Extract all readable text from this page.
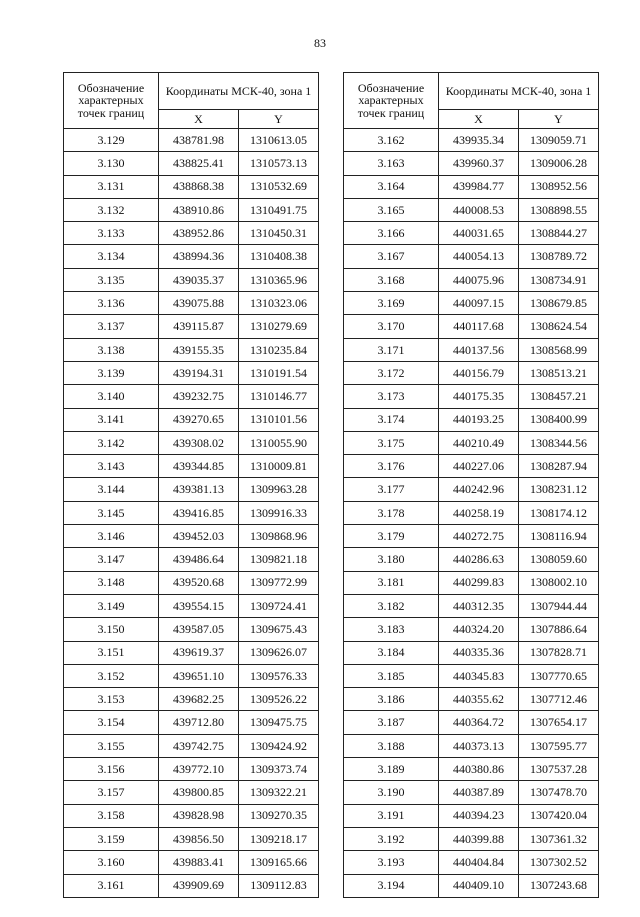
83
Обозначение характерных точек границ	Координаты МСК-40, зона 1	
	X	Y
3.129	438781.98	1310613.05
3.130	438825.41	1310573.13
3.131	438868.38	1310532.69
3.132	438910.86	1310491.75
3.133	438952.86	1310450.31
3.134	438994.36	1310408.38
3.135	439035.37	1310365.96
3.136	439075.88	1310323.06
3.137	439115.87	1310279.69
3.138	439155.35	1310235.84
3.139	439194.31	1310191.54
3.140	439232.75	1310146.77
3.141	439270.65	1310101.56
3.142	439308.02	1310055.90
3.143	439344.85	1310009.81
3.144	439381.13	1309963.28
3.145	439416.85	1309916.33
3.146	439452.03	1309868.96
3.147	439486.64	1309821.18
3.148	439520.68	1309772.99
3.149	439554.15	1309724.41
3.150	439587.05	1309675.43
3.151	439619.37	1309626.07
3.152	439651.10	1309576.33
3.153	439682.25	1309526.22
3.154	439712.80	1309475.75
3.155	439742.75	1309424.92
3.156	439772.10	1309373.74
3.157	439800.85	1309322.21
3.158	439828.98	1309270.35
3.159	439856.50	1309218.17
3.160	439883.41	1309165.66
3.161	439909.69	1309112.83
Обозначение характерных точек границ	Координаты МСК-40, зона 1	
	X	Y
3.162	439935.34	1309059.71
3.163	439960.37	1309006.28
3.164	439984.77	1308952.56
3.165	440008.53	1308898.55
3.166	440031.65	1308844.27
3.167	440054.13	1308789.72
3.168	440075.96	1308734.91
3.169	440097.15	1308679.85
3.170	440117.68	1308624.54
3.171	440137.56	1308568.99
3.172	440156.79	1308513.21
3.173	440175.35	1308457.21
3.174	440193.25	1308400.99
3.175	440210.49	1308344.56
3.176	440227.06	1308287.94
3.177	440242.96	1308231.12
3.178	440258.19	1308174.12
3.179	440272.75	1308116.94
3.180	440286.63	1308059.60
3.181	440299.83	1308002.10
3.182	440312.35	1307944.44
3.183	440324.20	1307886.64
3.184	440335.36	1307828.71
3.185	440345.83	1307770.65
3.186	440355.62	1307712.46
3.187	440364.72	1307654.17
3.188	440373.13	1307595.77
3.189	440380.86	1307537.28
3.190	440387.89	1307478.70
3.191	440394.23	1307420.04
3.192	440399.88	1307361.32
3.193	440404.84	1307302.52
3.194	440409.10	1307243.68
